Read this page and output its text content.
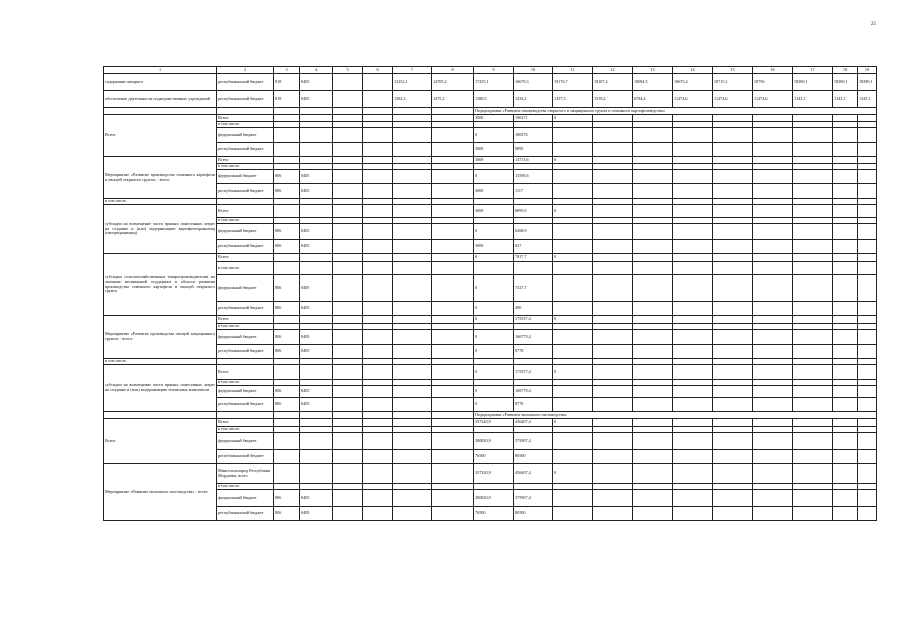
25
1	2	3	4	5	6	7	8	9	10	11	12	13	14	15	16	17	18	19
содержание аппарата	республиканский бюджет	818	0405			12252,1	14705,2	17255,1	16679,3	19176,7	18107,2	18094,5	18675,4	18715,1	18756	18390,1	18390,1	18390,1
обеспечение деятельности подведомственных учреждений	республиканский бюджет	818	0405			1282,3	1475,2	1380,5	1434,2	1437,5	1519,2	6784,4	11474,6	11474,6	11474,6	1343,1	1343,1	1343,1
								Подпрограмма «Развитие овощеводства открытого и защищенного грунта и семенного картофелеводства»										
Всего:	Всего:							3000	190271	0								
	в том числе:																	
	федеральный бюджет							0	180376									
	республиканский бюджет							3000	9895									
Мероприятие «Развитие производства семенного картофеля и овощей открытого грунта» - всего:	Всего:							3000	14713,6	0								
	в том числе:																	
	федеральный бюджет	806	0405					0	13596,6									
	республиканский бюджет	806	0405					3000	1117									
в том числе:																		
субсидии на возмещение части прямых понесенных затрат на создание и (или) модернизацию картофелехранилищ (овощехранилищ)	Всего:							3000	6895,9	0								
	в том числе:																	
	федеральный бюджет	806	0405					0	6268,9									
	республиканский бюджет	806	0405					3000	627									
субсидии сельскохозяйственным товаропроизводителям на оказание несвязанной поддержки в области развития производства семенного картофеля и овощей открытого грунта	Всего:							0	7817,7	0								
	в том числе:																	
	федеральный бюджет	806	0405					0	7327,7									
	республиканский бюджет	806	0405					0	490									
Мероприятие «Развитие производства овощей защищенного грунта» - всего:	Всего:							0	175557,4	0								
	в том числе:																	
	федеральный бюджет	806	0405					0	166779,4									
	республиканский бюджет	806	0405					0	8778									
в том числе:																		
субсидии на возмещение части прямых понесенных затрат на создание и (или) модернизацию тепличных комплексов	Всего:							0	175557,4	0								
	в том числе:																	
	федеральный бюджет	806	0405					0	166779,4									
	республиканский бюджет	806	0405					0	8778									
								Подпрограмма «Развитие молочного скотоводства»										
Всего:	Всего:							357320,9	456407,4	0								
	в том числе:																	
	федеральный бюджет							280820,9	375907,4									
	республиканский бюджет							76500	80500									
Мероприятие «Развитие молочного скотоводства» - всего:	Минсельхозпрод Республики Мордовия, всего							357320,9	456407,4	0								
	в том числе:																	
	федеральный бюджет	806	0405					280820,9	375907,4									
	республиканский бюджет	806	0405					76500	80500									
